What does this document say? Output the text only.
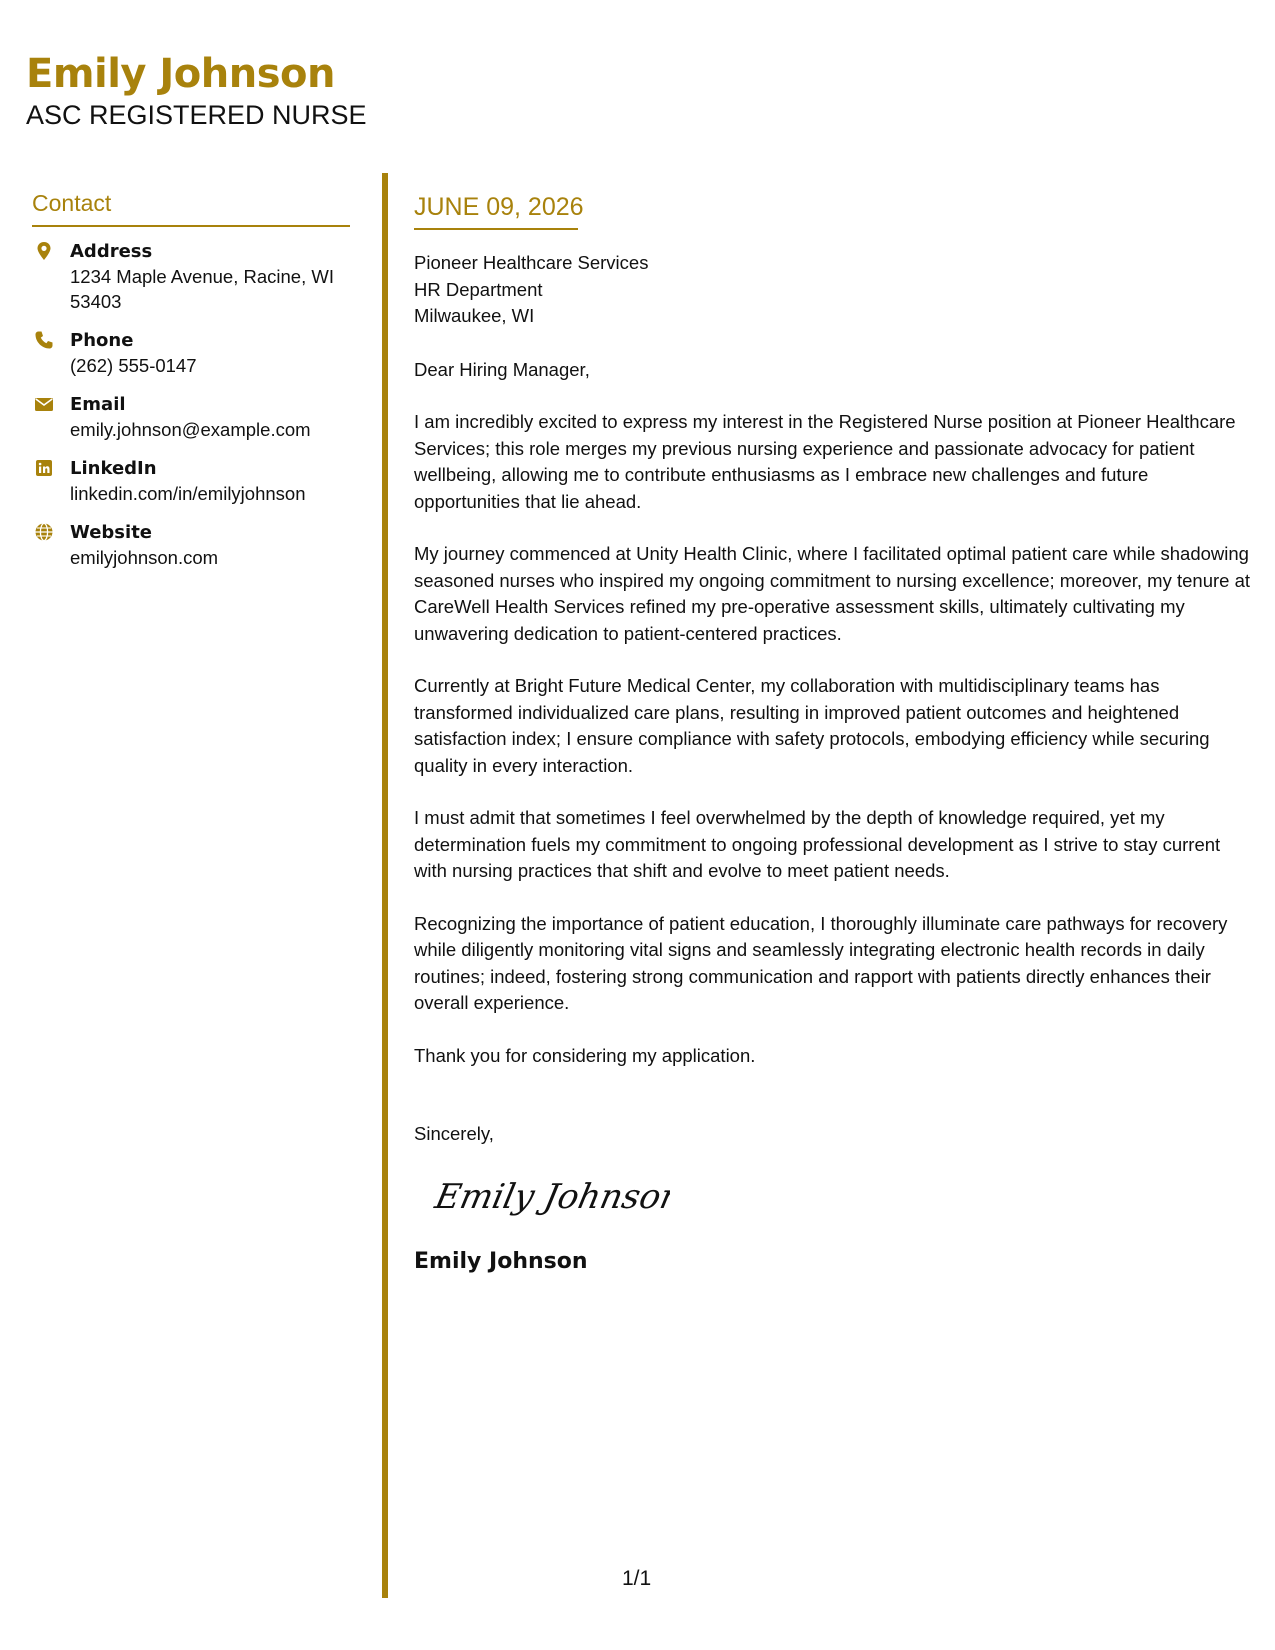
Emily Johnson
ASC REGISTERED NURSE
Contact
Address
1234 Maple Avenue, Racine, WI 53403
Phone
(262) 555-0147
Email
emily.johnson@example.com
LinkedIn
linkedin.com/in/emilyjohnson
Website
emilyjohnson.com
JUNE 09, 2026
Pioneer Healthcare Services
HR Department
Milwaukee, WI
Dear Hiring Manager,
I am incredibly excited to express my interest in the Registered Nurse position at Pioneer Healthcare Services; this role merges my previous nursing experience and passionate advocacy for patient wellbeing, allowing me to contribute enthusiasms as I embrace new challenges and future opportunities that lie ahead.
My journey commenced at Unity Health Clinic, where I facilitated optimal patient care while shadowing seasoned nurses who inspired my ongoing commitment to nursing excellence; moreover, my tenure at CareWell Health Services refined my pre-operative assessment skills, ultimately cultivating my unwavering dedication to patient-centered practices.
Currently at Bright Future Medical Center, my collaboration with multidisciplinary teams has transformed individualized care plans, resulting in improved patient outcomes and heightened satisfaction index; I ensure compliance with safety protocols, embodying efficiency while securing quality in every interaction.
I must admit that sometimes I feel overwhelmed by the depth of knowledge required, yet my determination fuels my commitment to ongoing professional development as I strive to stay current with nursing practices that shift and evolve to meet patient needs.
Recognizing the importance of patient education, I thoroughly illuminate care pathways for recovery while diligently monitoring vital signs and seamlessly integrating electronic health records in daily routines; indeed, fostering strong communication and rapport with patients directly enhances their overall experience.
Thank you for considering my application.
Sincerely,
Emily Johnson
Emily Johnson
1/1
